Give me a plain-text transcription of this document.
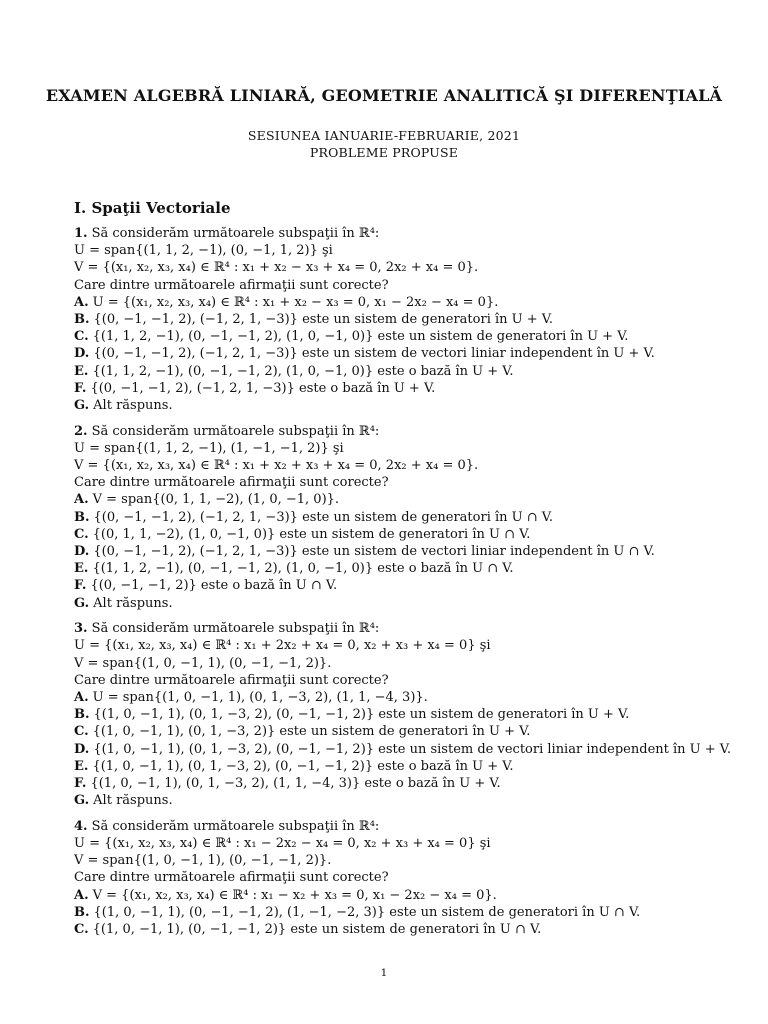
EXAMEN ALGEBRĂ LINIARĂ, GEOMETRIE ANALITICĂ ŞI DIFERENŢIALĂ
SESIUNEA IANUARIE-FEBRUARIE, 2021
PROBLEME PROPUSE
I. Spaţii Vectoriale
1. Să considerăm următoarele subspaţii în ℝ⁴:
U = span{(1, 1, 2, −1), (0, −1, 1, 2)} şi
V = {(x₁, x₂, x₃, x₄) ∈ ℝ⁴ : x₁ + x₂ − x₃ + x₄ = 0, 2x₂ + x₄ = 0}.
Care dintre următoarele afirmaţii sunt corecte?
A. U = {(x₁, x₂, x₃, x₄) ∈ ℝ⁴ : x₁ + x₂ − x₃ = 0, x₁ − 2x₂ − x₄ = 0}.
B. {(0, −1, −1, 2), (−1, 2, 1, −3)} este un sistem de generatori în U + V.
C. {(1, 1, 2, −1), (0, −1, −1, 2), (1, 0, −1, 0)} este un sistem de generatori în U + V.
D. {(0, −1, −1, 2), (−1, 2, 1, −3)} este un sistem de vectori liniar independent în U + V.
E. {(1, 1, 2, −1), (0, −1, −1, 2), (1, 0, −1, 0)} este o bază în U + V.
F. {(0, −1, −1, 2), (−1, 2, 1, −3)} este o bază în U + V.
G. Alt răspuns.
2. Să considerăm următoarele subspaţii în ℝ⁴:
U = span{(1, 1, 2, −1), (1, −1, −1, 2)} şi
V = {(x₁, x₂, x₃, x₄) ∈ ℝ⁴ : x₁ + x₂ + x₃ + x₄ = 0, 2x₂ + x₄ = 0}.
Care dintre următoarele afirmaţii sunt corecte?
A. V = span{(0, 1, 1, −2), (1, 0, −1, 0)}.
B. {(0, −1, −1, 2), (−1, 2, 1, −3)} este un sistem de generatori în U ∩ V.
C. {(0, 1, 1, −2), (1, 0, −1, 0)} este un sistem de generatori în U ∩ V.
D. {(0, −1, −1, 2), (−1, 2, 1, −3)} este un sistem de vectori liniar independent în U ∩ V.
E. {(1, 1, 2, −1), (0, −1, −1, 2), (1, 0, −1, 0)} este o bază în U ∩ V.
F. {(0, −1, −1, 2)} este o bază în U ∩ V.
G. Alt răspuns.
3. Să considerăm următoarele subspaţii în ℝ⁴:
U = {(x₁, x₂, x₃, x₄) ∈ ℝ⁴ : x₁ + 2x₂ + x₄ = 0, x₂ + x₃ + x₄ = 0} şi
V = span{(1, 0, −1, 1), (0, −1, −1, 2)}.
Care dintre următoarele afirmaţii sunt corecte?
A. U = span{(1, 0, −1, 1), (0, 1, −3, 2), (1, 1, −4, 3)}.
B. {(1, 0, −1, 1), (0, 1, −3, 2), (0, −1, −1, 2)} este un sistem de generatori în U + V.
C. {(1, 0, −1, 1), (0, 1, −3, 2)} este un sistem de generatori în U + V.
D. {(1, 0, −1, 1), (0, 1, −3, 2), (0, −1, −1, 2)} este un sistem de vectori liniar independent în U + V.
E. {(1, 0, −1, 1), (0, 1, −3, 2), (0, −1, −1, 2)} este o bază în U + V.
F. {(1, 0, −1, 1), (0, 1, −3, 2), (1, 1, −4, 3)} este o bază în U + V.
G. Alt răspuns.
4. Să considerăm următoarele subspaţii în ℝ⁴:
U = {(x₁, x₂, x₃, x₄) ∈ ℝ⁴ : x₁ − 2x₂ − x₄ = 0, x₂ + x₃ + x₄ = 0} şi
V = span{(1, 0, −1, 1), (0, −1, −1, 2)}.
Care dintre următoarele afirmaţii sunt corecte?
A. V = {(x₁, x₂, x₃, x₄) ∈ ℝ⁴ : x₁ − x₂ + x₃ = 0, x₁ − 2x₂ − x₄ = 0}.
B. {(1, 0, −1, 1), (0, −1, −1, 2), (1, −1, −2, 3)} este un sistem de generatori în U ∩ V.
C. {(1, 0, −1, 1), (0, −1, −1, 2)} este un sistem de generatori în U ∩ V.
1
